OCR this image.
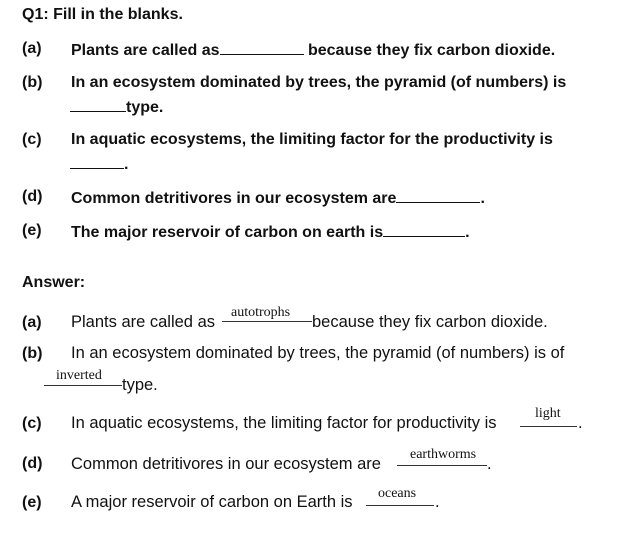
Q1: Fill in the blanks.
(a) Plants are called as	because they fix carbon dioxide.
(b) In an ecosystem dominated by trees, the pyramid (of numbers) is
type.
(c) In aquatic ecosystems, the limiting factor for the productivity is
.
(d) Common detritivores in our ecosystem are	.
(e) The major reservoir of carbon on earth is	.
Answer:
(a) Plants are called as
autotrophs
because they fix carbon dioxide.
(b) In an ecosystem dominated by trees, the pyramid (of numbers) is of
inverted
type.
(c) In aquatic ecosystems, the limiting factor for productivity is
light
.
(d) Common detritivores in our ecosystem are
earthworms
.
(e) A major reservoir of carbon on Earth is oceans .
